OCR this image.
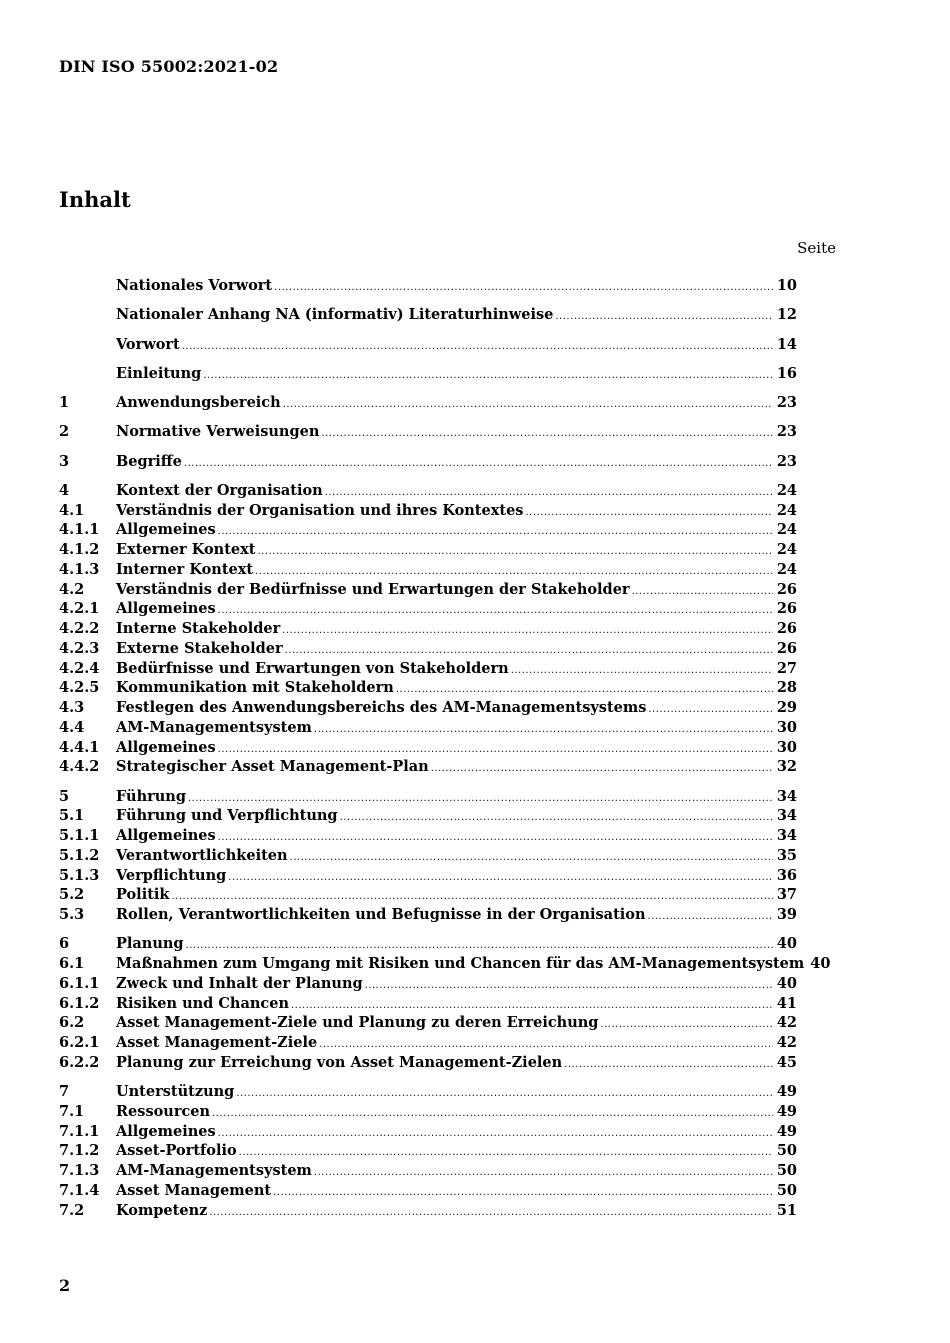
DIN ISO 55002:2021-02
Inhalt
Seite
Nationales Vorwort .....	10
Nationaler Anhang NA (informativ) Literaturhinweise .....	12
Vorwort .....	14
Einleitung .....	16
1	Anwendungsbereich .....	23
2	Normative Verweisungen .....	23
3	Begriffe .....	23
4	Kontext der Organisation .....	24
4.1	Verständnis der Organisation und ihres Kontextes .....	24
4.1.1	Allgemeines .....	24
4.1.2	Externer Kontext .....	24
4.1.3	Interner Kontext .....	24
4.2	Verständnis der Bedürfnisse und Erwartungen der Stakeholder .....	26
4.2.1	Allgemeines .....	26
4.2.2	Interne Stakeholder .....	26
4.2.3	Externe Stakeholder .....	26
4.2.4	Bedürfnisse und Erwartungen von Stakeholdern .....	27
4.2.5	Kommunikation mit Stakeholdern .....	28
4.3	Festlegen des Anwendungsbereichs des AM-Managementsystems .....	29
4.4	AM-Managementsystem .....	30
4.4.1	Allgemeines .....	30
4.4.2	Strategischer Asset Management-Plan .....	32
5	Führung .....	34
5.1	Führung und Verpflichtung .....	34
5.1.1	Allgemeines .....	34
5.1.2	Verantwortlichkeiten .....	35
5.1.3	Verpflichtung .....	36
5.2	Politik .....	37
5.3	Rollen, Verantwortlichkeiten und Befugnisse in der Organisation .....	39
6	Planung .....	40
6.1	Maßnahmen zum Umgang mit Risiken und Chancen für das AM-Managementsystem 40
6.1.1	Zweck und Inhalt der Planung .....	40
6.1.2	Risiken und Chancen .....	41
6.2	Asset Management-Ziele und Planung zu deren Erreichung .....	42
6.2.1	Asset Management-Ziele .....	42
6.2.2	Planung zur Erreichung von Asset Management-Zielen .....	45
7	Unterstützung .....	49
7.1	Ressourcen .....	49
7.1.1	Allgemeines .....	49
7.1.2	Asset-Portfolio .....	50
7.1.3	AM-Managementsystem .....	50
7.1.4	Asset Management .....	50
7.2	Kompetenz .....	51
2
